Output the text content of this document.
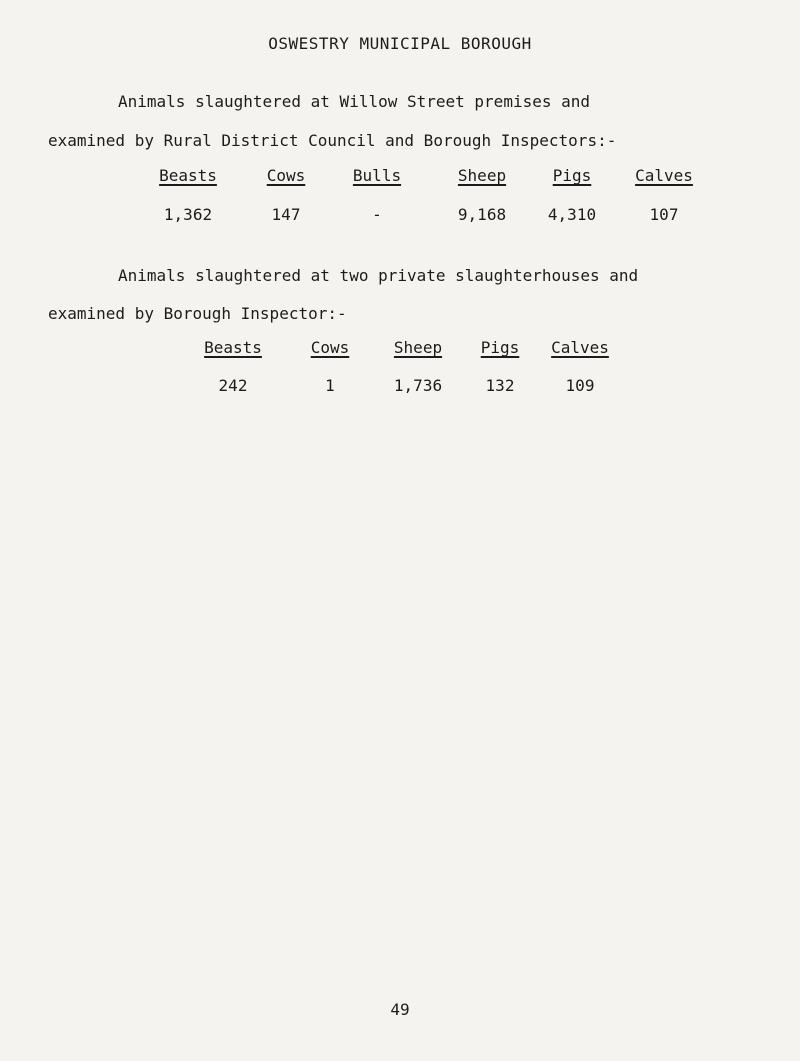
OSWESTRY MUNICIPAL BOROUGH
Animals slaughtered at Willow Street premises and
examined by Rural District Council and Borough Inspectors:-
Beasts	Cows	Bulls	Sheep	Pigs	Calves
1,362	147	-	9,168	4,310	107
Animals slaughtered at two private slaughterhouses and
examined by Borough Inspector:-
Beasts	Cows	Sheep Pigs Calves
242	1	1,736	132	109
49
